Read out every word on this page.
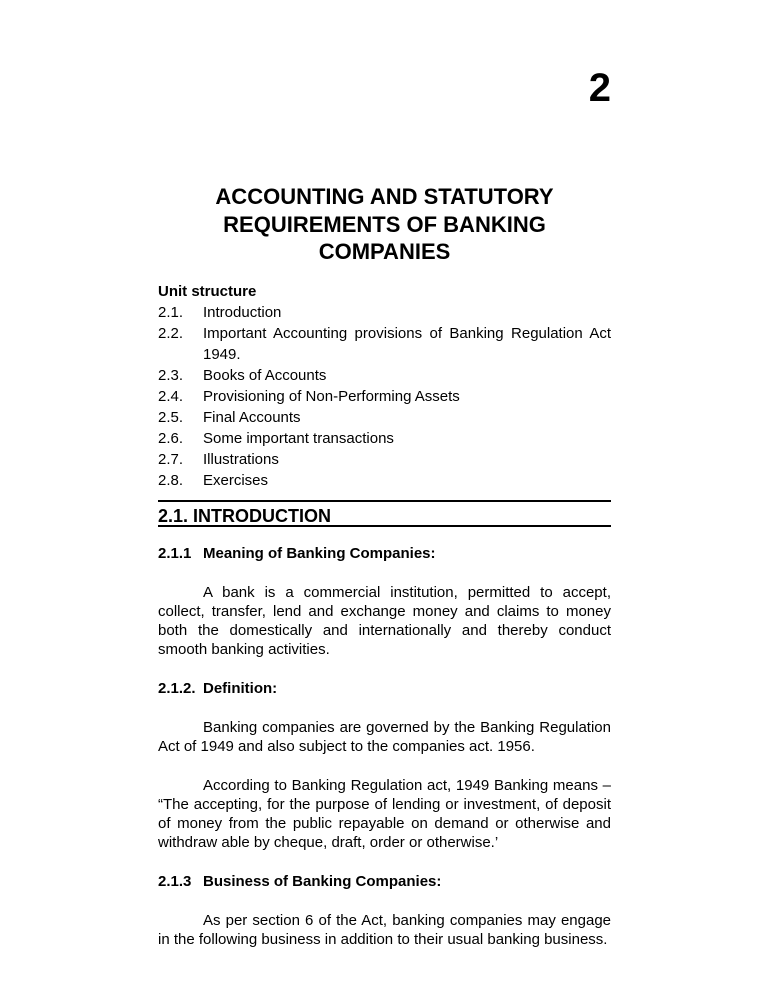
2
ACCOUNTING AND STATUTORY
REQUIREMENTS OF BANKING
COMPANIES
Unit structure
2.1.	Introduction
2.2.	Important Accounting provisions of Banking Regulation Act 1949.
2.3.	Books of Accounts
2.4.	Provisioning of Non-Performing Assets
2.5.	Final Accounts
2.6.	Some important transactions
2.7.	Illustrations
2.8.	Exercises
2.1. INTRODUCTION

2.1.1 Meaning of Banking Companies:

A bank is a commercial institution, permitted to accept, collect, transfer, lend and exchange money and claims to money both the domestically and internationally and thereby conduct smooth banking activities.

2.1.2. Definition:

Banking companies are governed by the Banking Regulation Act of 1949 and also subject to the companies act. 1956.

According to Banking Regulation act, 1949 Banking means – “The accepting, for the purpose of lending or investment, of deposit of money from the public repayable on demand or otherwise and withdraw able by cheque, draft, order or otherwise.’

2.1.3 Business of Banking Companies:

As per section 6 of the Act, banking companies may engage in the following business in addition to their usual banking business.
